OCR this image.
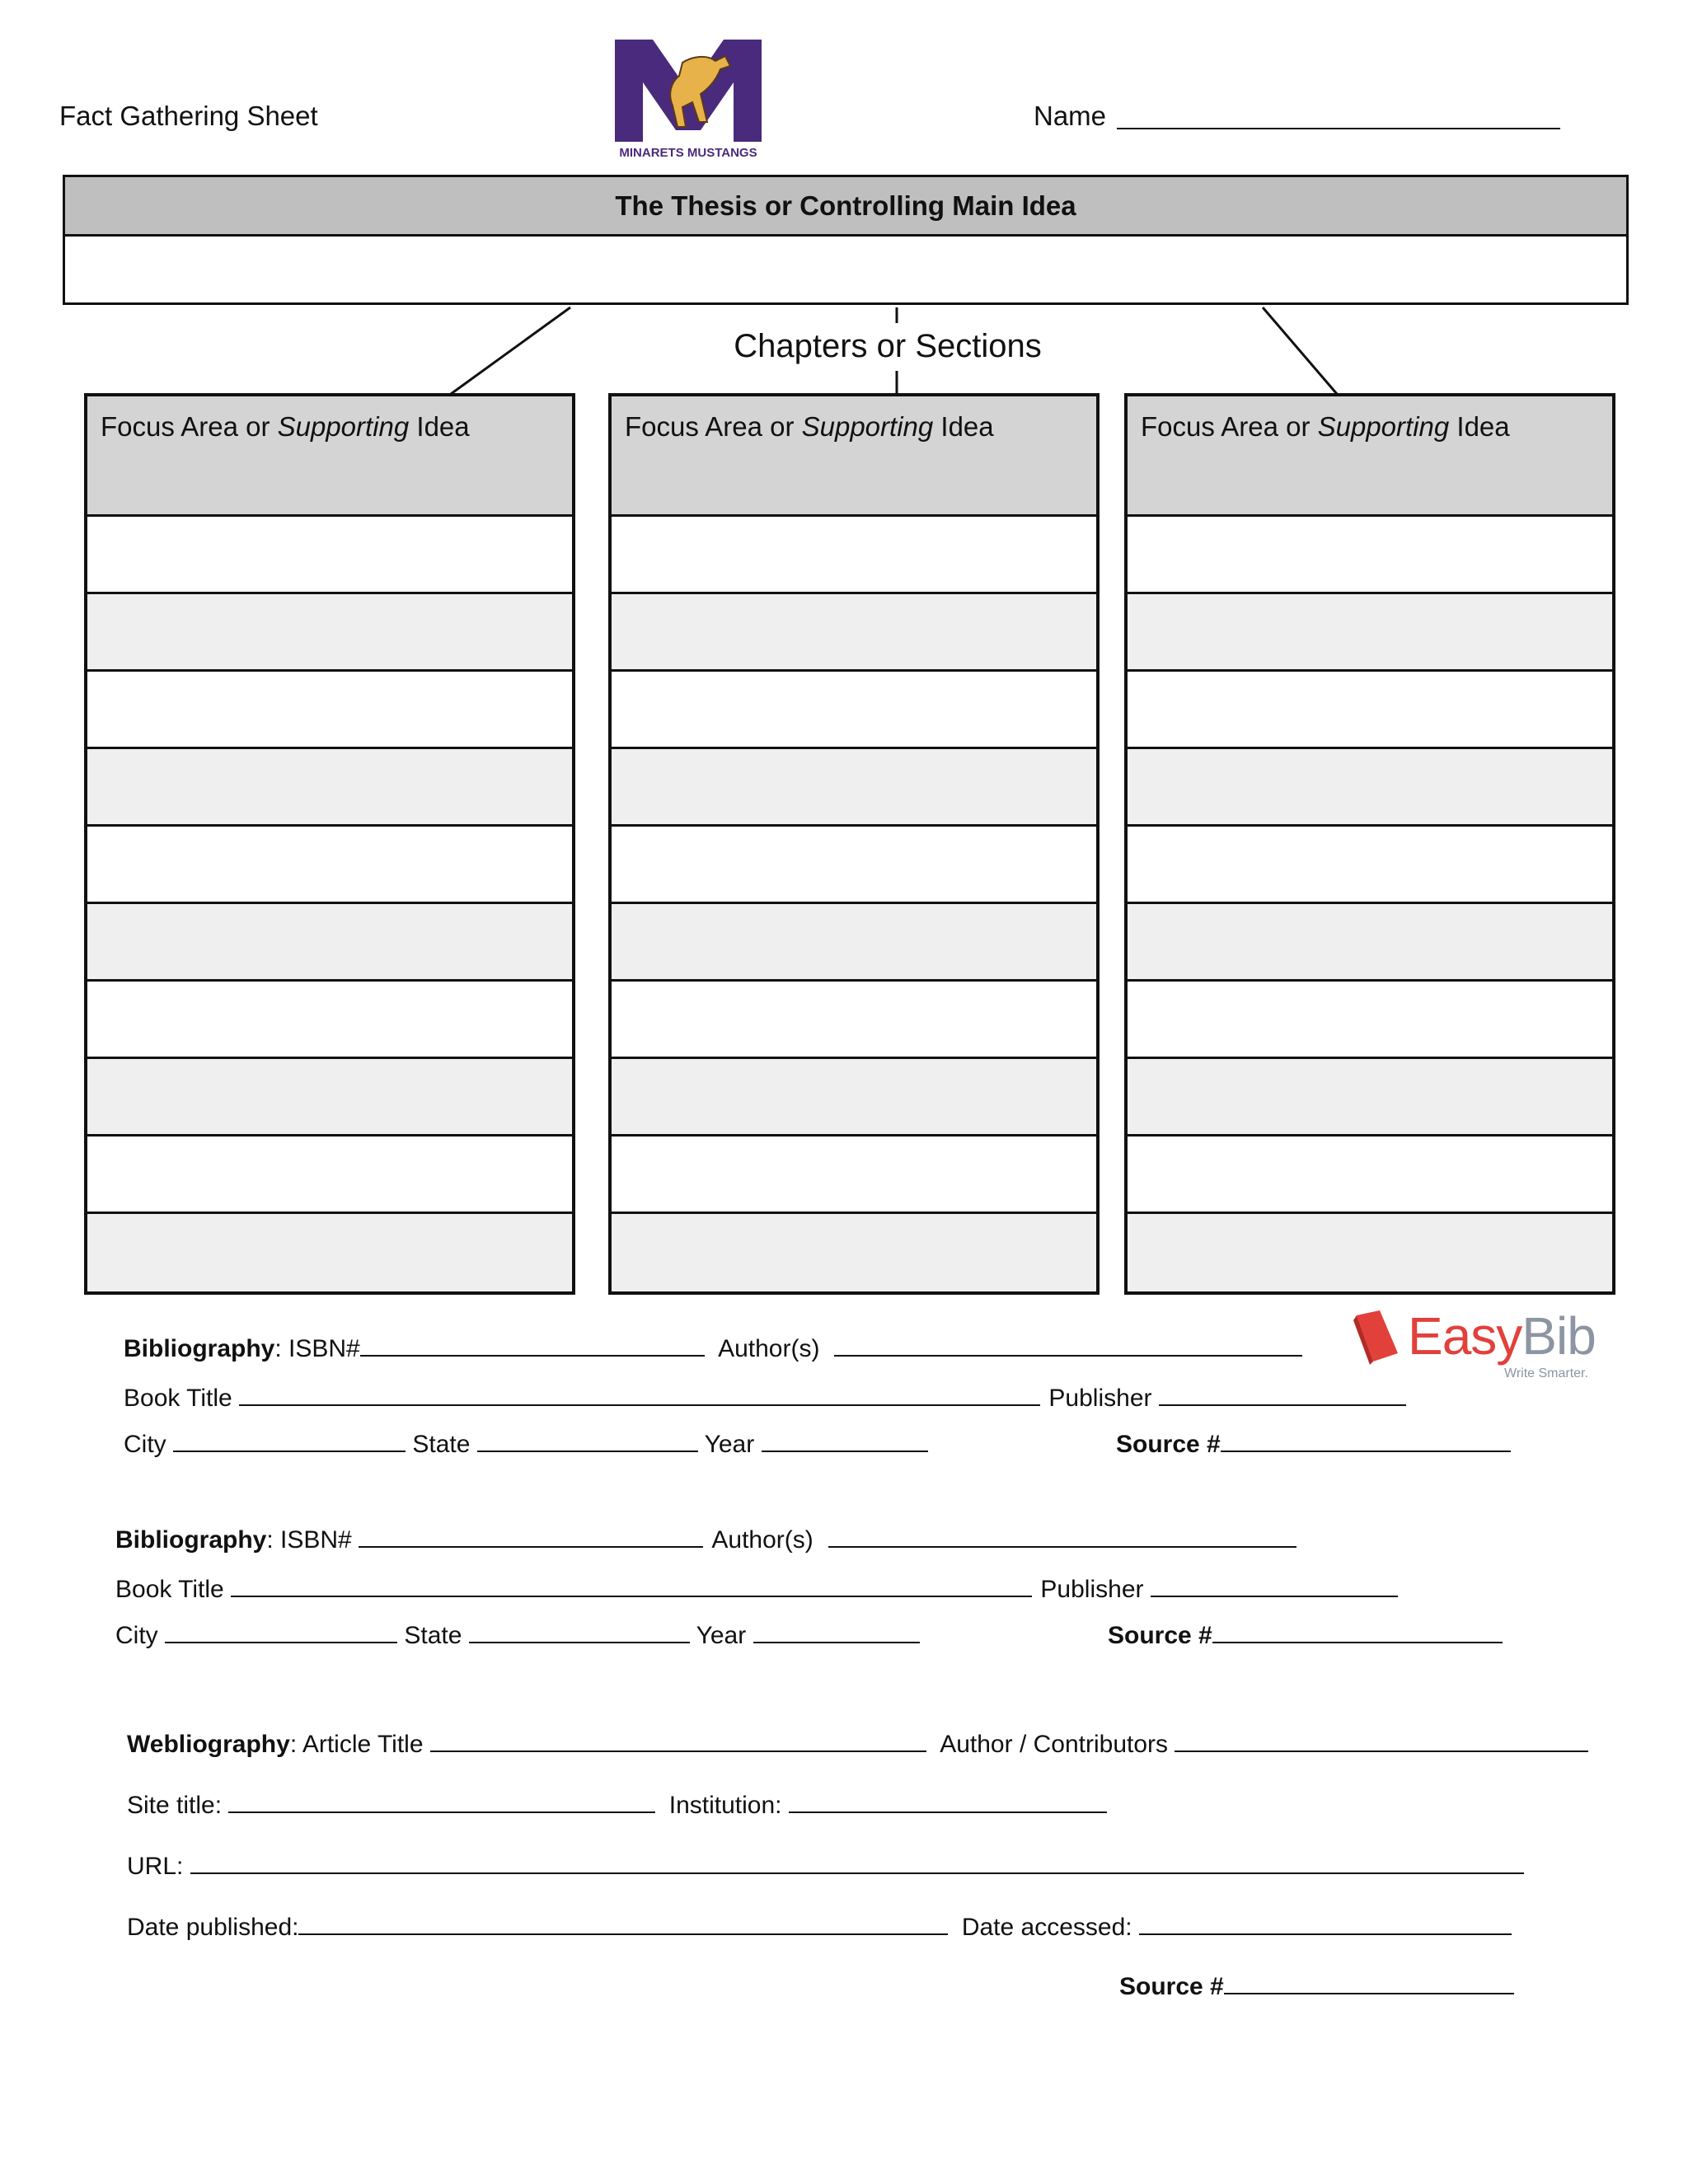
Fact Gathering Sheet
MINARETS MUSTANGS
Name
The Thesis or Controlling Main Idea
Chapters or Sections
Focus Area or Supporting Idea	Focus Area or Supporting Idea	Focus Area or Supporting Idea
EasyBib
Write Smarter.
Bibliography: ISBN#	Author(s)
Book Title	Publisher
City	State	Year	Source #
Bibliography: ISBN#	Author(s)
Book Title	Publisher
City	State	Year	Source #
Webliography: Article Title	Author / Contributors
Site title:	Institution:
URL:
Date published:	Date accessed:
Source #
